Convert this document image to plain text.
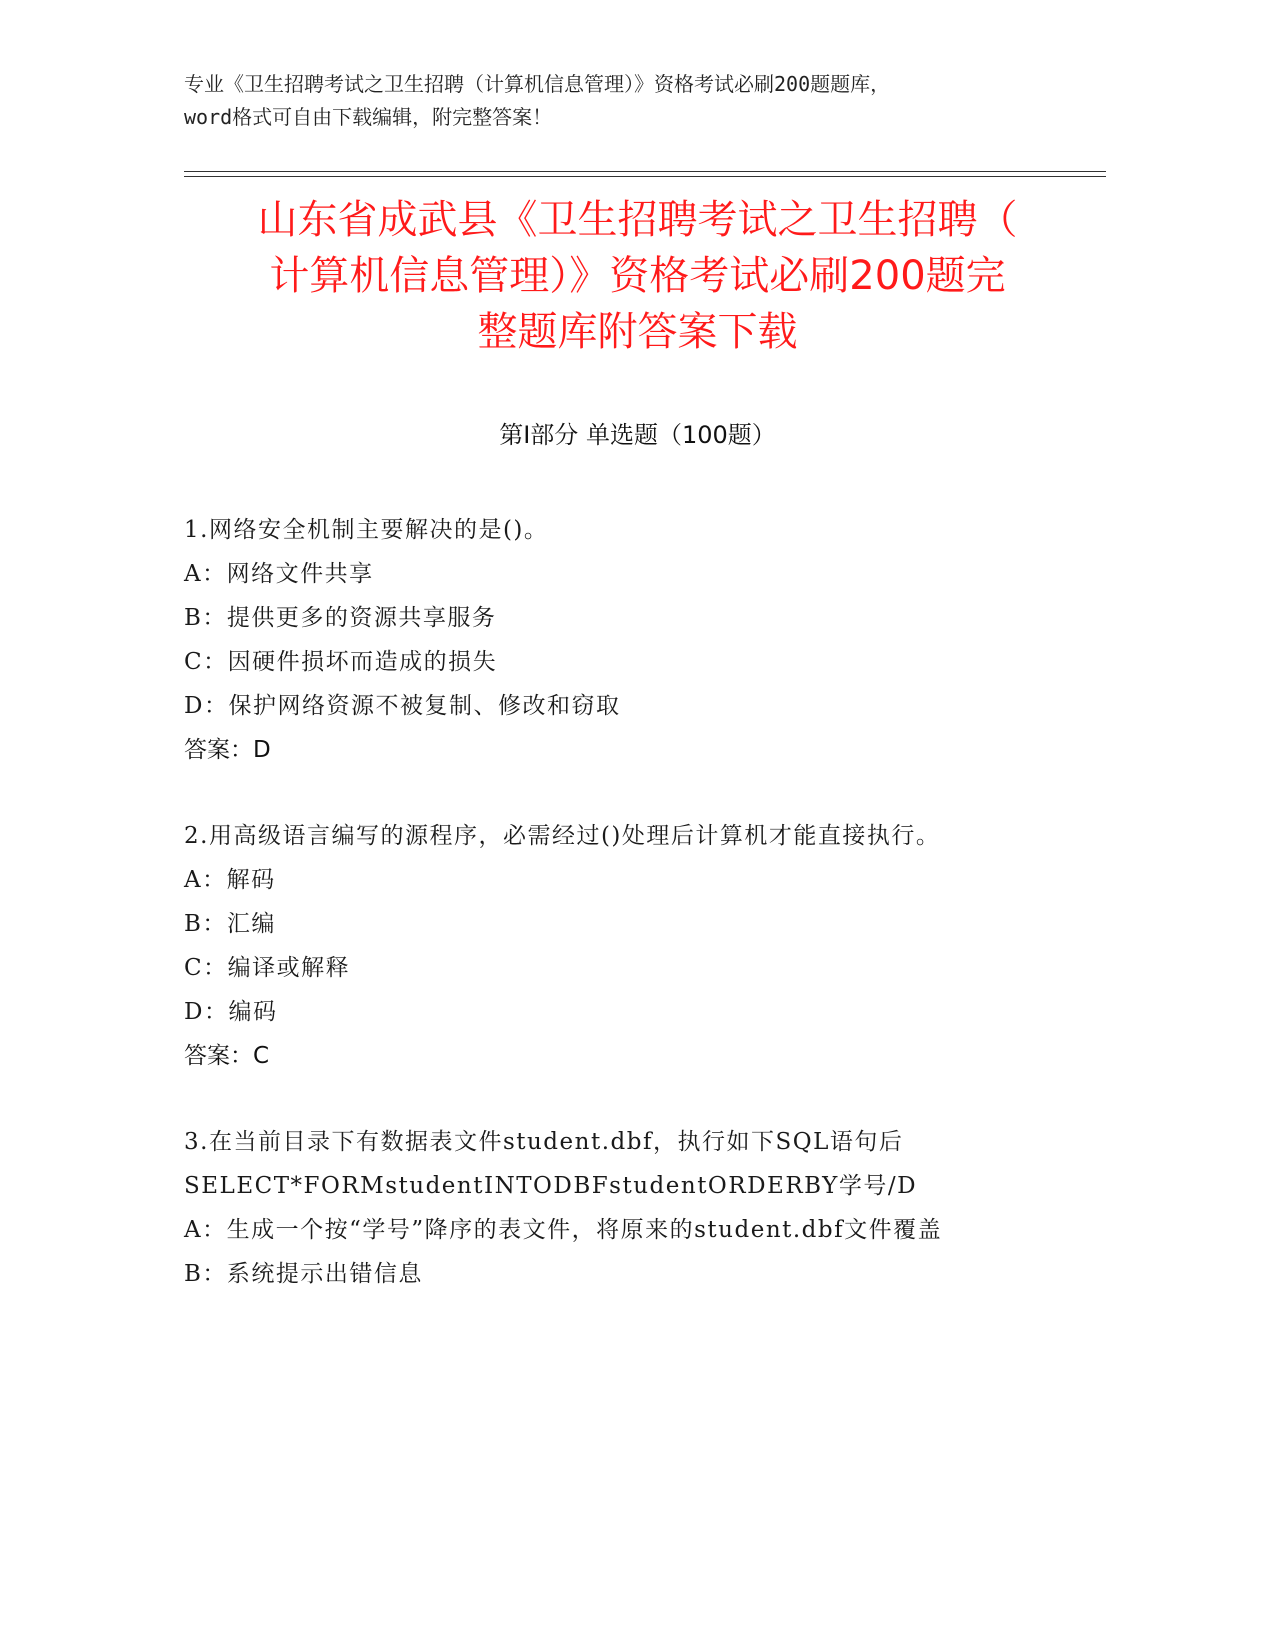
专业《卫生招聘考试之卫生招聘（计算机信息管理）》资格考试必刷200题题库，
word格式可自由下载编辑，附完整答案！
山东省成武县《卫生招聘考试之卫生招聘（
计算机信息管理）》资格考试必刷200题完
整题库附答案下载
第Ⅰ部分 单选题（100题）

1.网络安全机制主要解决的是()。

A：网络文件共享

B：提供更多的资源共享服务

C：因硬件损坏而造成的损失

D：保护网络资源不被复制、修改和窃取

答案：D

2.用高级语言编写的源程序，必需经过()处理后计算机才能直接执行。

A：解码

B：汇编

C：编译或解释

D：编码

答案：C

3.在当前目录下有数据表文件student.dbf，执行如下SQL语句后SELECT*FORMstudentINTODBFstudentORDERBY学号/D

A：生成一个按“学号”降序的表文件，将原来的student.dbf文件覆盖

B：系统提示出错信息
